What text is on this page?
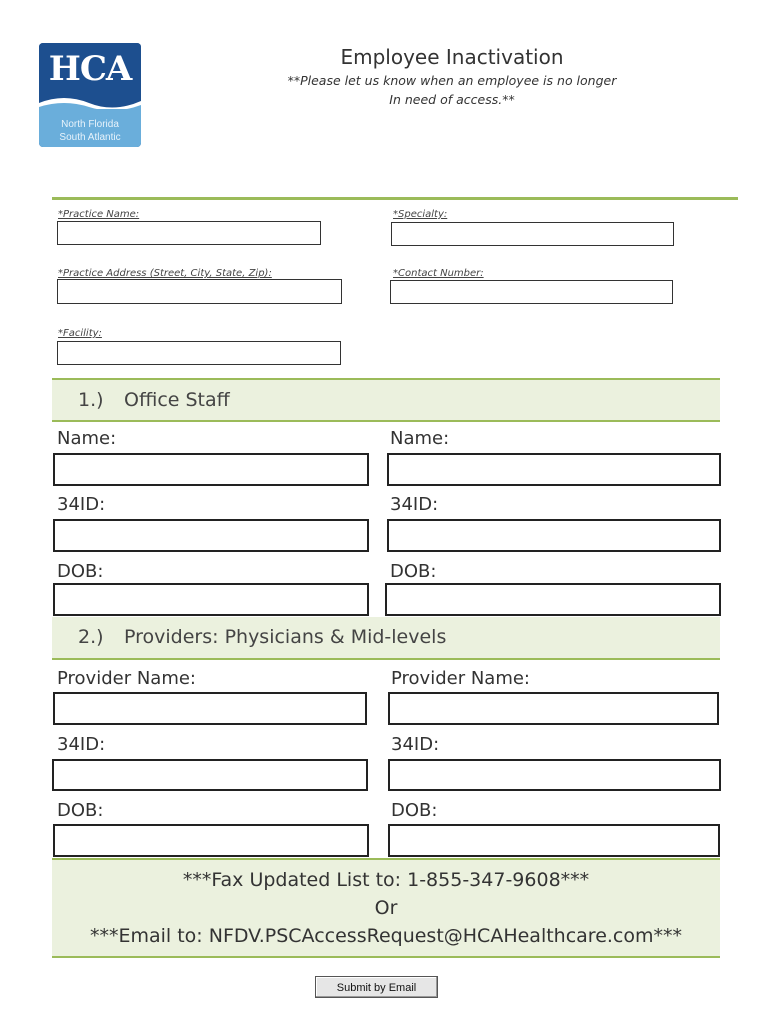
HCA
North Florida
South Atlantic
Employee Inactivation
**Please let us know when an employee is no longer
In need of access.**
*Practice Name:	*Specialty:
*Practice Address (Street, City, State, Zip):	*Contact Number:
*Facility:
1.) Office Staff
Name:	Name:
34ID:	34ID:
DOB:	DOB:
2.) Providers: Physicians & Mid-levels
Provider Name:	Provider Name:
34ID:	34ID:
DOB:	DOB:
***Fax Updated List to: 1-855-347-9608***
Or
***Email to: NFDV.PSCAccessRequest@HCAHealthcare.com***
Submit by Email
